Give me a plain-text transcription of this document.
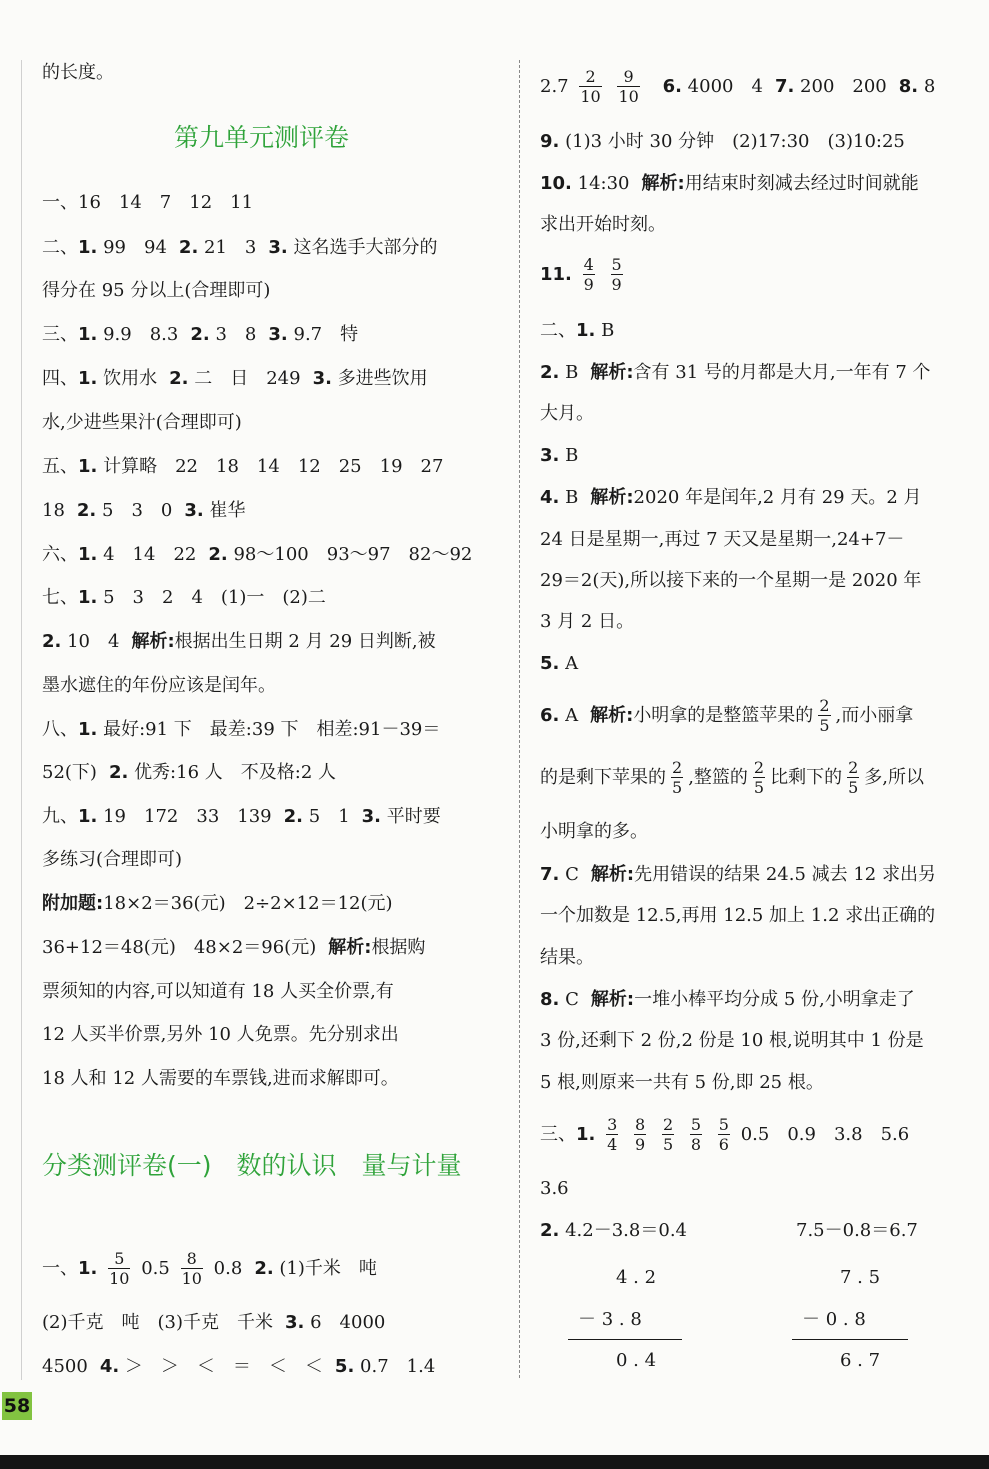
的长度。
第九单元测评卷
一、16　14　7　12　11
二、1. 99　94 2. 21　3 3. 这名选手大部分的
得分在 95 分以上(合理即可)
三、1. 9.9　8.3 2. 3　8 3. 9.7　特
四、1. 饮用水 2. 二　日　249 3. 多进些饮用
水,少进些果汁(合理即可)
五、1. 计算略　22　18　14　12　25　19　27
18 2. 5　3　0 3. 崔华
六、1. 4　14　22 2. 98～100　93～97　82～92
七、1. 5　3　2　4　(1)一　(2)二
2. 10　4 解析:根据出生日期 2 月 29 日判断,被
墨水遮住的年份应该是闰年。
八、1. 最好:91 下　最差:39 下　相差:91－39＝
52(下) 2. 优秀:16 人　不及格:2 人
九、1. 19　172　33　139 2. 5　1 3. 平时要
多练习(合理即可)
附加题:18×2＝36(元)　2÷2×12＝12(元)
36+12＝48(元)　48×2＝96(元) 解析:根据购
票须知的内容,可以知道有 18 人买全价票,有
12 人买半价票,另外 10 人免票。先分别求出
18 人和 12 人需要的车票钱,进而求解即可。
分类测评卷(一)　数的认识　量与计量
一、1. $\frac{5}{10} 0.5 \frac{8}{10} 0.8$ 2. (1)千米　吨
(2)千克　吨　(3)千克　千米 3. 6　4000
4500 4. ＞　＞　＜　＝　＜　＜ 5. 0.7　1.4
$2.7 \frac{2}{10}$
$\frac{9}{10} 6$. 4000　4 7. 200　200 8. 8
9. (1)3 小时 30 分钟　(2)17:30　(3)10:25
10. 14:30 解析:用结束时刻减去经过时间就能
求出开始时刻。
11. $\frac{4}{9}$
$\frac{5}{9}$
二、1. B
2. B 解析:含有 31 号的月都是大月,一年有 7 个
大月。
3. B
4. B 解析:2020 年是闰年,2 月有 29 天。2 月
24 日是星期一,再过 7 天又是星期一,24+7－
29＝2(天),所以接下来的一个星期一是 2020 年
3 月 2 日。
5. A
6. A 解析:小明拿的是整篮苹果的 $\frac{2}{5}$ ,而小丽拿
的是剩下苹果的 $\frac{2}{5}$ ,整篮的 $\frac{2}{5}$ 比剩下的 $\frac{2}{5}$ 多,所以
小明拿的多。
7. C 解析:先用错误的结果 24.5 减去 12 求出另
一个加数是 12.5,再用 12.5 加上 1.2 求出正确的
结果。
8. C 解析:一堆小棒平均分成 5 份,小明拿走了
3 份,还剩下 2 份,2 份是 10 根,说明其中 1 份是
5 根,则原来一共有 5 份,即 25 根。
三、1. $\frac{3}{4}$
$\frac{8}{9}$
$\frac{2}{5}$
$\frac{5}{8}$
$\frac{5}{6} 0.5$　0.9　3.8　5.6
3.6
2. 4.2－3.8＝0.4	7.5－0.8＝6.7
4 . 2
－ 3 . 8
0 . 4
7 . 5
－ 0 . 8
6 . 7
58
